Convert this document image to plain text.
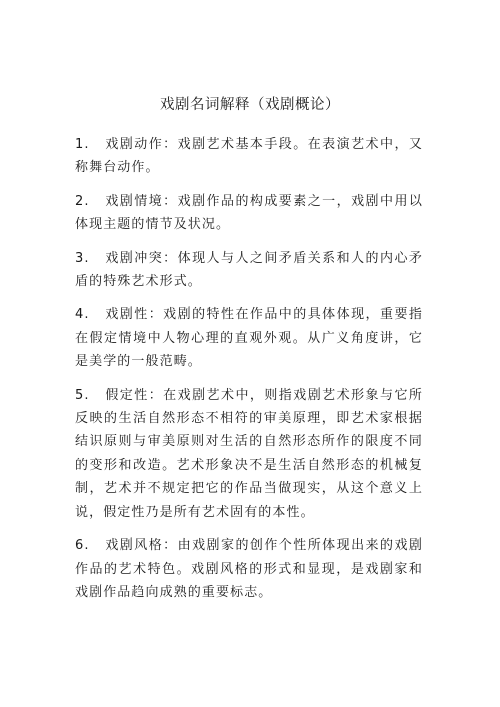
戏剧名词解释（戏剧概论）

1. 戏剧动作：戏剧艺术基本手段。在表演艺术中，又称舞台动作。

2. 戏剧情境：戏剧作品的构成要素之一，戏剧中用以体现主题的情节及状况。

3. 戏剧冲突：体现人与人之间矛盾关系和人的内心矛盾的特殊艺术形式。

4. 戏剧性：戏剧的特性在作品中的具体体现，重要指在假定情境中人物心理的直观外观。从广义角度讲，它是美学的一般范畴。

5. 假定性：在戏剧艺术中，则指戏剧艺术形象与它所反映的生活自然形态不相符的审美原理，即艺术家根据结识原则与审美原则对生活的自然形态所作的限度不同的变形和改造。艺术形象决不是生活自然形态的机械复制，艺术并不规定把它的作品当做现实，从这个意义上说，假定性乃是所有艺术固有的本性。

6. 戏剧风格：由戏剧家的创作个性所体现出来的戏剧作品的艺术特色。戏剧风格的形式和显现，是戏剧家和戏剧作品趋向成熟的重要标志。
